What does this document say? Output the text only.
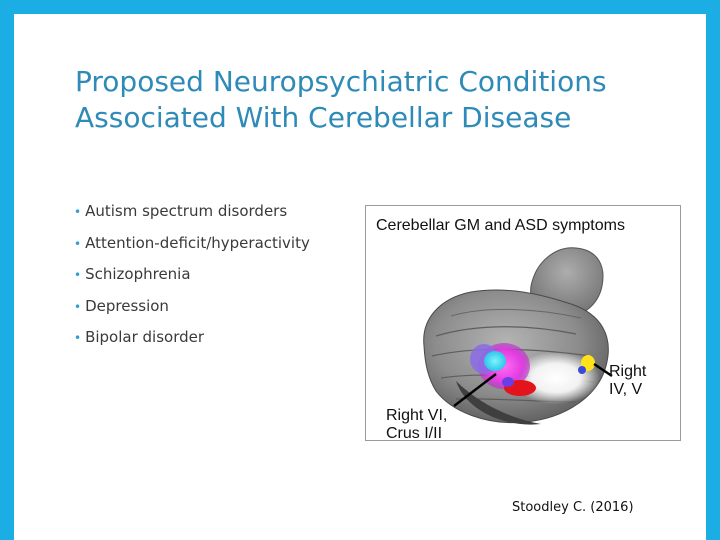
Proposed Neuropsychiatric Conditions
Associated With Cerebellar Disease
• Autism spectrum disorders
• Attention-deficit/hyperactivity
• Schizophrenia
• Depression
• Bipolar disorder
Cerebellar GM and ASD symptoms
Right
IV, V
Right VI,
Crus I/II
Stoodley C. (2016)
